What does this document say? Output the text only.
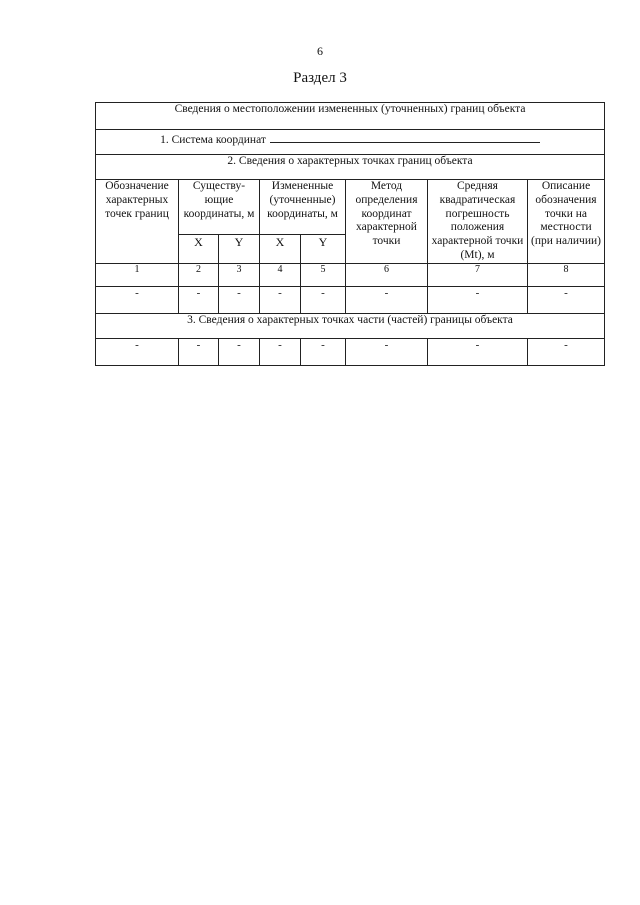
6
Раздел 3
Сведения о местоположении измененных (уточненных) границ объекта							
1. Система координат							
2. Сведения о характерных точках границ объекта							
Обозначение характерных точек границ	Существу-ющие координаты, м		Измененные (уточненные) координаты, м		Метод определения координат характерной точки	Средняя квадратическая погрешность положения характерной точки (Mt), м	Описание обозначения точки на местности (при наличии)
	X	Y	X	Y			
1	2	3	4	5	6	7	8
-	-	-	-	-	-	-	-
3. Сведения о характерных точках части (частей) границы объекта							
-	-	-	-	-	-	-	-
